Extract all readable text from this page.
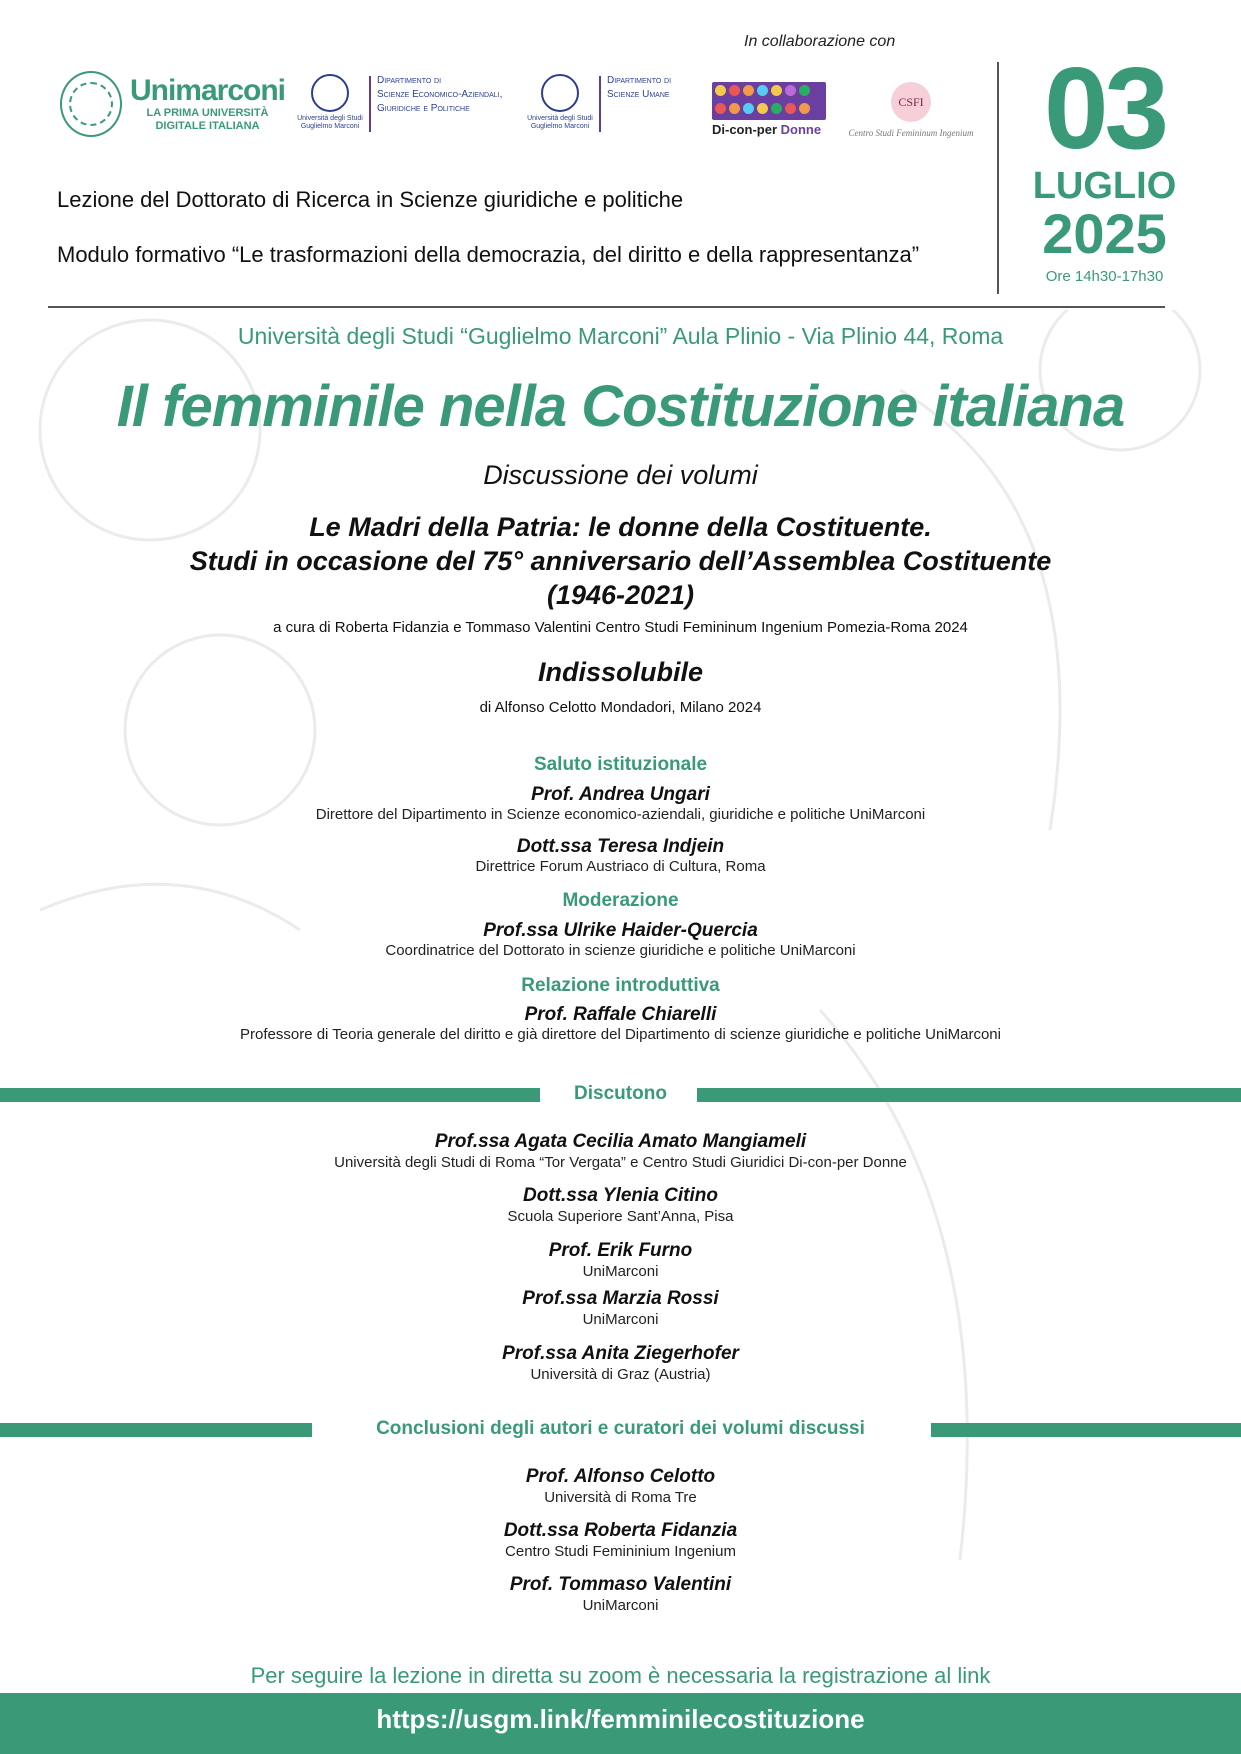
In collaborazione con
Unimarconi
LA PRIMA UNIVERSITÀ
DIGITALE ITALIANA
Università degli Studi
Guglielmo Marconi
Dipartimento di
Scienze Economico-Aziendali,
Giuridiche e Politiche
Università degli Studi
Guglielmo Marconi
Dipartimento di
Scienze Umane
Di-con-per Donne
CSFI
Centro Studi Femininum Ingenium 03
LUGLIO
2025
Ore 14h30-17h30
Lezione del Dottorato di Ricerca in Scienze giuridiche e politiche
Modulo formativo “Le trasformazioni della democrazia, del diritto e della rappresentanza”
Università degli Studi “Guglielmo Marconi” Aula Plinio - Via Plinio 44, Roma
Il femminile nella Costituzione italiana
Discussione dei volumi
Le Madri della Patria: le donne della Costituente.
Studi in occasione del 75° anniversario dell’Assemblea Costituente
(1946-2021)
a cura di Roberta Fidanzia e Tommaso Valentini Centro Studi Femininum Ingenium Pomezia-Roma 2024
Indissolubile
di Alfonso Celotto Mondadori, Milano 2024
Saluto istituzionale
Prof. Andrea Ungari
Direttore del Dipartimento in Scienze economico-aziendali, giuridiche e politiche UniMarconi
Dott.ssa Teresa Indjein
Direttrice Forum Austriaco di Cultura, Roma
Moderazione
Prof.ssa Ulrike Haider-Quercia
Coordinatrice del Dottorato in scienze giuridiche e politiche UniMarconi
Relazione introduttiva
Prof. Raffale Chiarelli
Professore di Teoria generale del diritto e già direttore del Dipartimento di scienze giuridiche e politiche UniMarconi
Discutono
Prof.ssa Agata Cecilia Amato Mangiameli
Università degli Studi di Roma “Tor Vergata” e Centro Studi Giuridici Di-con-per Donne
Dott.ssa Ylenia Citino
Scuola Superiore Sant’Anna, Pisa
Prof. Erik Furno
UniMarconi
Prof.ssa Marzia Rossi
UniMarconi
Prof.ssa Anita Ziegerhofer
Università di Graz (Austria)
Conclusioni degli autori e curatori dei volumi discussi
Prof. Alfonso Celotto
Università di Roma Tre
Dott.ssa Roberta Fidanzia
Centro Studi Femininium Ingenium
Prof. Tommaso Valentini
UniMarconi
Per seguire la lezione in diretta su zoom è necessaria la registrazione al link
https://usgm.link/femminilecostituzione
